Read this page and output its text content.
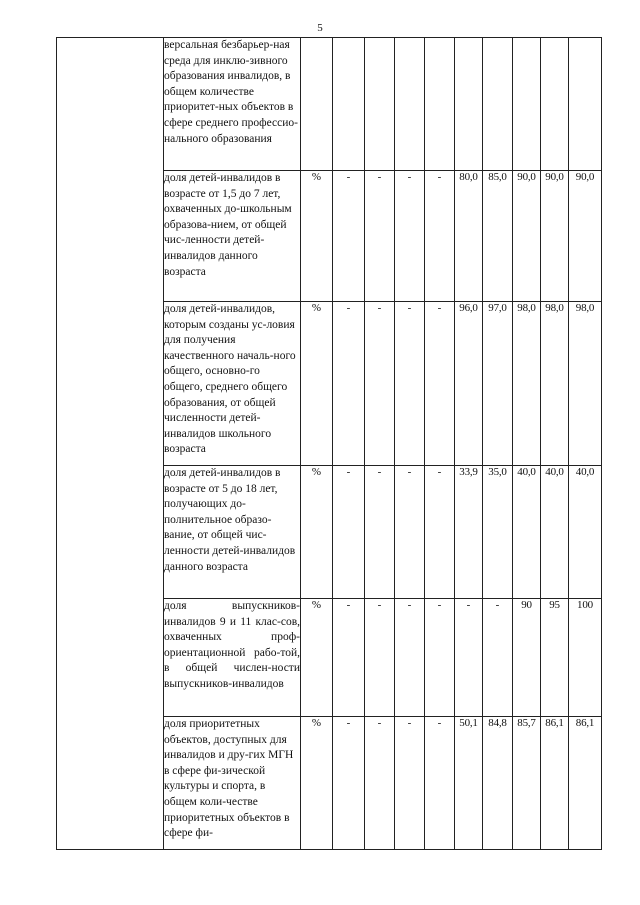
5
	версальная безбарьер-ная среда для инклю-зивного образования инвалидов, в общем количестве приоритет-ных объектов в сфере среднего профессио-нального образования										
	доля детей-инвалидов в возрасте от 1,5 до 7 лет, охваченных до-школьным образова-нием, от общей чис-ленности детей-инвалидов данного возраста	%	-	-	-	-	80,0	85,0	90,0	90,0	90,0
	доля детей-инвалидов, которым созданы ус-ловия для получения качественного началь-ного общего, основно-го общего, среднего общего образования, от общей численности детей-инвалидов школьного возраста	%	-	-	-	-	96,0	97,0	98,0	98,0	98,0
	доля детей-инвалидов в возрасте от 5 до 18 лет, получающих до-полнительное образо-вание, от общей чис-ленности детей-инвалидов данного возраста	%	-	-	-	-	33,9	35,0	40,0	40,0	40,0
	доля выпускников-инвалидов 9 и 11 клас-сов, охваченных проф-ориентационной рабо-той, в общей числен-ности выпускников-инвалидов	%	-	-	-	-	-	-	90	95	100
	доля приоритетных объектов, доступных для инвалидов и дру-гих МГН в сфере фи-зической культуры и спорта, в общем коли-честве приоритетных объектов в сфере фи-	%	-	-	-	-	50,1	84,8	85,7	86,1	86,1
